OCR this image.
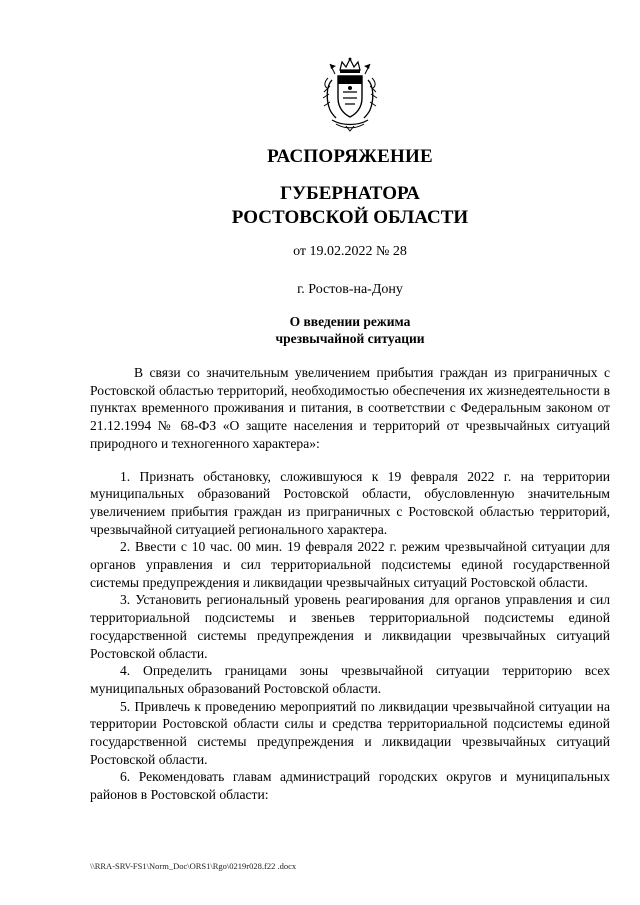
РАСПОРЯЖЕНИЕ
ГУБЕРНАТОРА
РОСТОВСКОЙ ОБЛАСТИ
от 19.02.2022 № 28
г. Ростов-на-Дону
О введении режима
чрезвычайной ситуации

В связи со значительным увеличением прибытия граждан из приграничных с Ростовской областью территорий, необходимостью обеспечения их жизнедеятельности в пунктах временного проживания и питания, в соответствии с Федеральным законом от 21.12.1994 № 68-ФЗ «О защите населения и территорий от чрезвычайных ситуаций природного и техногенного характера»:

1. Признать обстановку, сложившуюся к 19 февраля 2022 г. на территории муниципальных образований Ростовской области, обусловленную значительным увеличением прибытия граждан из приграничных с Ростовской областью территорий, чрезвычайной ситуацией регионального характера.

2. Ввести с 10 час. 00 мин. 19 февраля 2022 г. режим чрезвычайной ситуации для органов управления и сил территориальной подсистемы единой государственной системы предупреждения и ликвидации чрезвычайных ситуаций Ростовской области.

3. Установить региональный уровень реагирования для органов управления и сил территориальной подсистемы и звеньев территориальной подсистемы единой государственной системы предупреждения и ликвидации чрезвычайных ситуаций Ростовской области.

4. Определить границами зоны чрезвычайной ситуации территорию всех муниципальных образований Ростовской области.

5. Привлечь к проведению мероприятий по ликвидации чрезвычайной ситуации на территории Ростовской области силы и средства территориальной подсистемы единой государственной системы предупреждения и ликвидации чрезвычайных ситуаций Ростовской области.

6. Рекомендовать главам администраций городских округов и муниципальных районов в Ростовской области:

\\RRA-SRV-FS1\Norm_Doc\ORS1\Rgo\0219r028.f22 .docx
